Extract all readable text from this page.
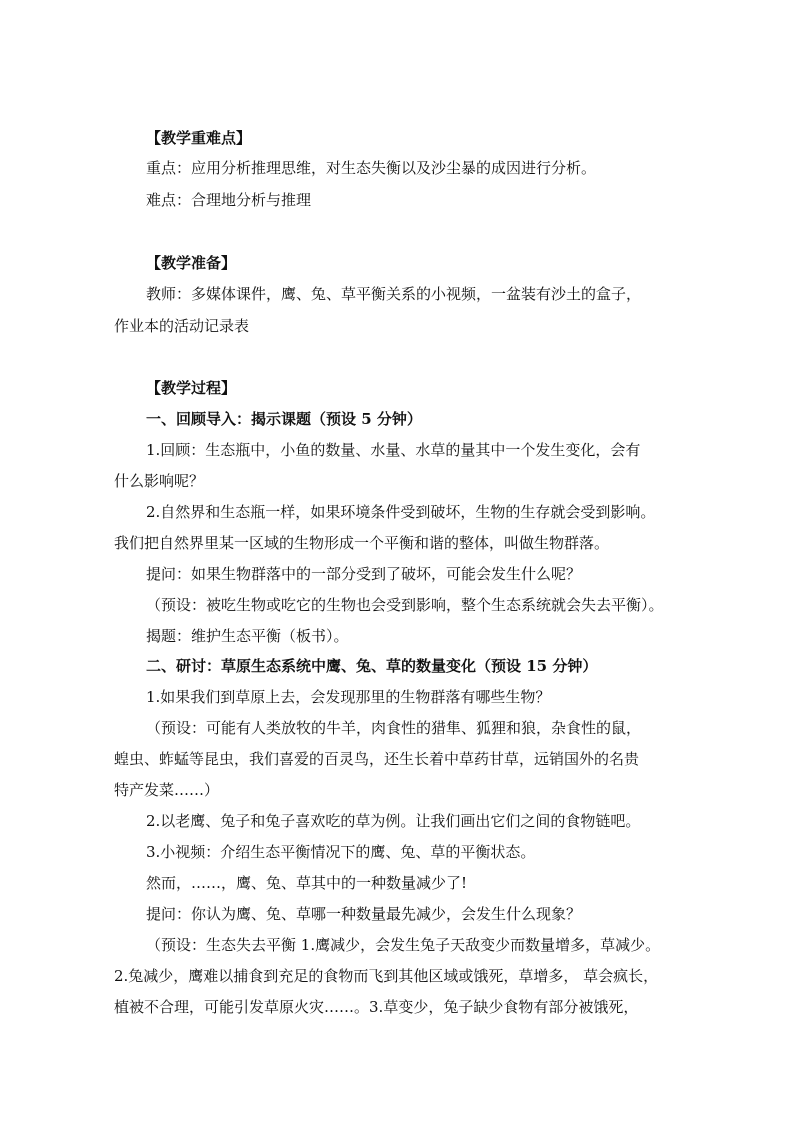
【教学重难点】
重点：应用分析推理思维，对生态失衡以及沙尘暴的成因进行分析。
难点：合理地分析与推理
【教学准备】
教师：多媒体课件，鹰、兔、草平衡关系的小视频，一盆装有沙土的盒子，
作业本的活动记录表
【教学过程】
一、回顾导入：揭示课题（预设 5 分钟）
1.回顾：生态瓶中，小鱼的数量、水量、水草的量其中一个发生变化，会有
什么影响呢？
2.自然界和生态瓶一样，如果环境条件受到破坏，生物的生存就会受到影响。
我们把自然界里某一区域的生物形成一个平衡和谐的整体，叫做生物群落。
提问：如果生物群落中的一部分受到了破坏，可能会发生什么呢？
（预设：被吃生物或吃它的生物也会受到影响，整个生态系统就会失去平衡）。
揭题：维护生态平衡（板书）。
二、研讨：草原生态系统中鹰、兔、草的数量变化（预设 15 分钟）
1.如果我们到草原上去，会发现那里的生物群落有哪些生物？
（预设：可能有人类放牧的牛羊，肉食性的猎隼、狐狸和狼，杂食性的鼠，
蝗虫、蚱蜢等昆虫，我们喜爱的百灵鸟，还生长着中草药甘草，远销国外的名贵
特产发菜……）
2.以老鹰、兔子和兔子喜欢吃的草为例。让我们画出它们之间的食物链吧。
3.小视频：介绍生态平衡情况下的鹰、兔、草的平衡状态。
然而，……，鹰、兔、草其中的一种数量减少了!
提问：你认为鹰、兔、草哪一种数量最先减少，会发生什么现象？
（预设：生态失去平衡 1.鹰减少，会发生兔子天敌变少而数量增多，草减少。
2.兔减少，鹰难以捕食到充足的食物而飞到其他区域或饿死，草增多， 草会疯长，
植被不合理，可能引发草原火灾……。3.草变少，兔子缺少食物有部分被饿死，
